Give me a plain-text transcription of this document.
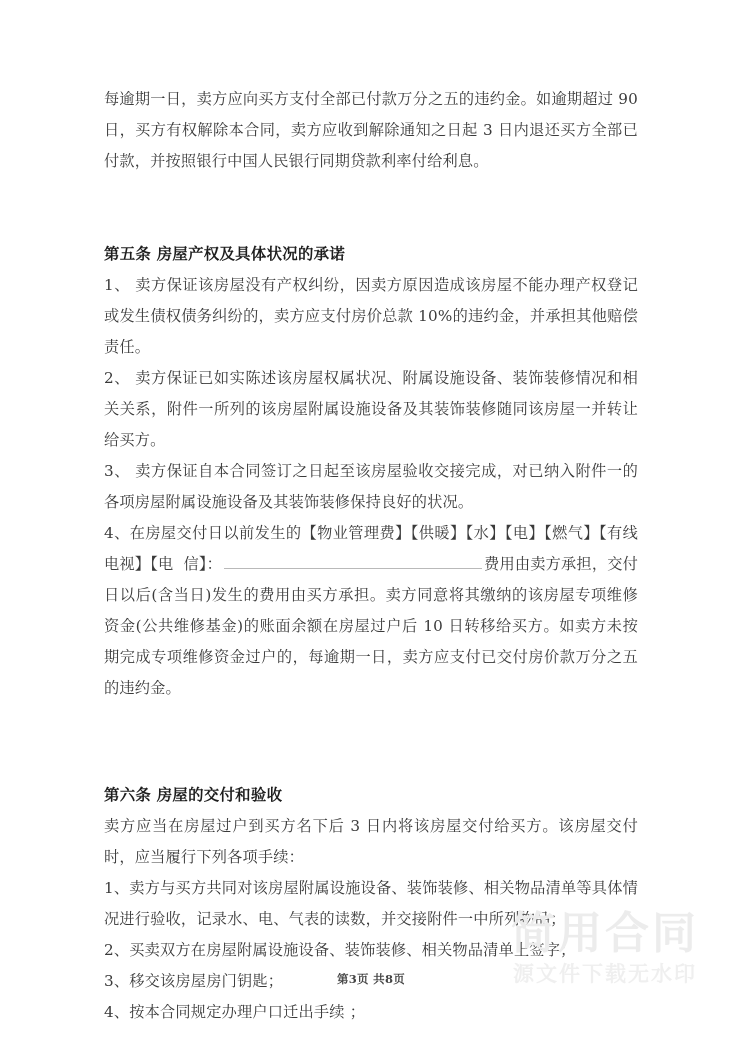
每逾期一日，卖方应向买方支付全部已付款万分之五的违约金。如逾期超过 90 日，买方有权解除本合同，卖方应收到解除通知之日起 3 日内退还买方全部已付款，并按照银行中国人民银行同期贷款利率付给利息。

第五条 房屋产权及具体状况的承诺

1、 卖方保证该房屋没有产权纠纷，因卖方原因造成该房屋不能办理产权登记或发生债权债务纠纷的，卖方应支付房价总款 10%的违约金，并承担其他赔偿责任。

2、 卖方保证已如实陈述该房屋权属状况、附属设施设备、装饰装修情况和相关关系，附件一所列的该房屋附属设施设备及其装饰装修随同该房屋一并转让给买方。

3、 卖方保证自本合同签订之日起至该房屋验收交接完成，对已纳入附件一的各项房屋附属设施设备及其装饰装修保持良好的状况。

4、在房屋交付日以前发生的【物业管理费】【供暖】【水】【电】【燃气】【有线电视】【电  信】：	费用由卖方承担，交付日以后(含当日)发生的费用由买方承担。卖方同意将其缴纳的该房屋专项维修资金(公共维修基金)的账面余额在房屋过户后 10 日转移给买方。如卖方未按期完成专项维修资金过户的，每逾期一日，卖方应支付已交付房价款万分之五的违约金。

第六条 房屋的交付和验收

卖方应当在房屋过户到买方名下后 3 日内将该房屋交付给买方。该房屋交付时，应当履行下列各项手续：

1、卖方与买方共同对该房屋附属设施设备、装饰装修、相关物品清单等具体情况进行验收，记录水、电、气表的读数，并交接附件一中所列物品；

2、买卖双方在房屋附属设施设备、装饰装修、相关物品清单上签字；

3、移交该房屋房门钥匙；

4、按本合同规定办理户口迁出手续 ；

第3页 共8页
简用合同
源文件下载无水印
